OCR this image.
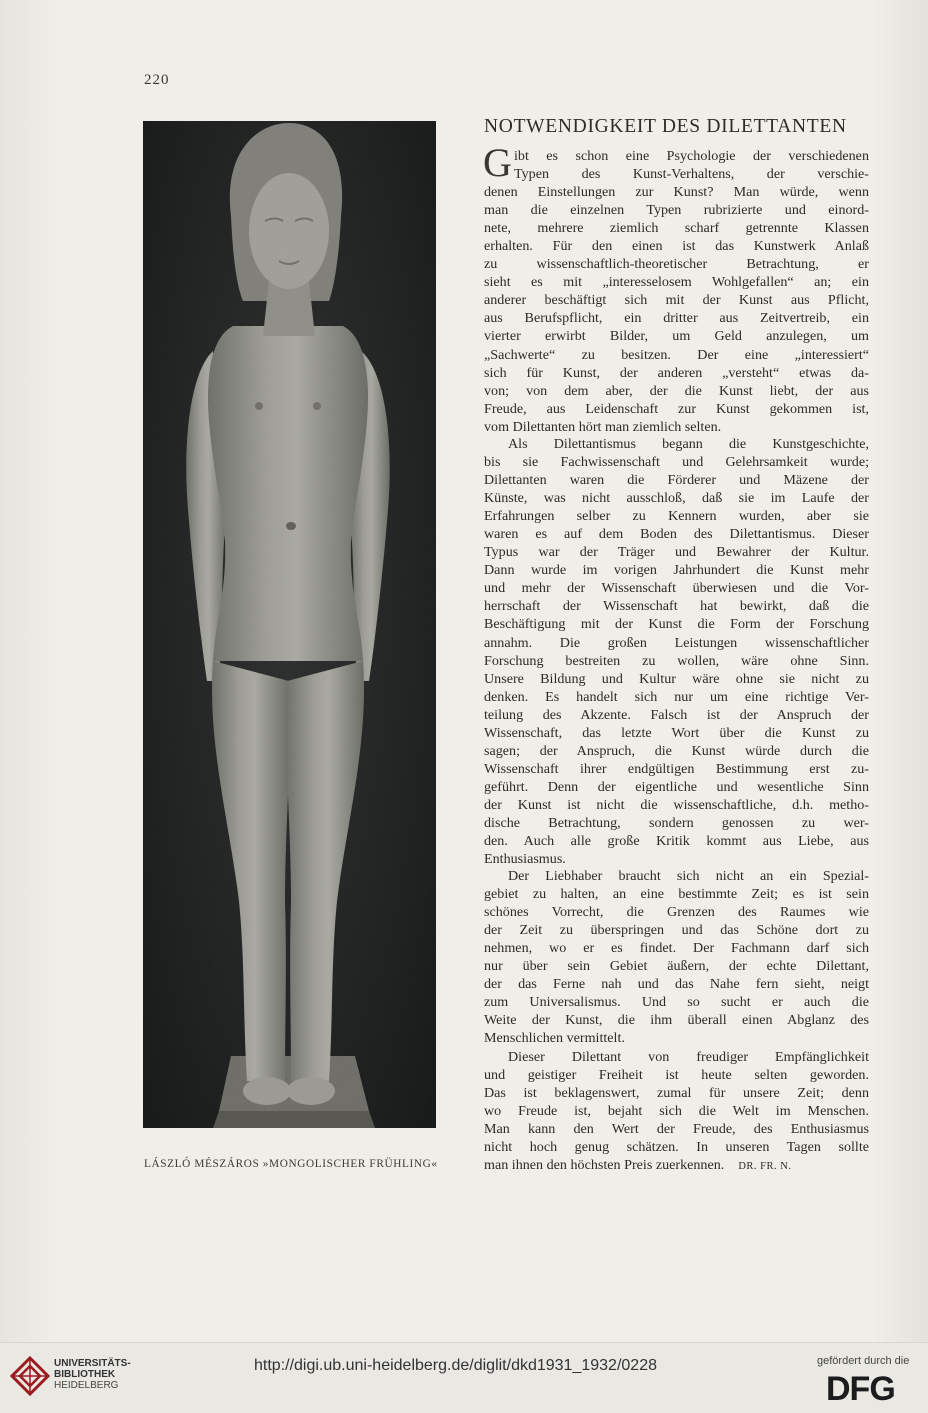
220
LÁSZLÓ MÉSZÁROS »MONGOLISCHER FRÜHLING«
NOTWENDIGKEIT DES DILETTANTEN
G ibt es schon eine Psychologie der verschiedenen
Typen des Kunst-Verhaltens, der verschie-
denen Einstellungen zur Kunst? Man würde, wenn
man die einzelnen Typen rubrizierte und einord-
nete, mehrere ziemlich scharf getrennte Klassen
erhalten. Für den einen ist das Kunstwerk Anlaß
zu wissenschaftlich-theoretischer Betrachtung, er
sieht es mit „interesselosem Wohlgefallen“ an; ein
anderer beschäftigt sich mit der Kunst aus Pflicht,
aus Berufspflicht, ein dritter aus Zeitvertreib, ein
vierter erwirbt Bilder, um Geld anzulegen, um
„Sachwerte“ zu besitzen. Der eine „interessiert“
sich für Kunst, der anderen „versteht“ etwas da-
von; von dem aber, der die Kunst liebt, der aus
Freude, aus Leidenschaft zur Kunst gekommen ist,
vom Dilettanten hört man ziemlich selten.
Als Dilettantismus begann die Kunstgeschichte,
bis sie Fachwissenschaft und Gelehrsamkeit wurde;
Dilettanten waren die Förderer und Mäzene der
Künste, was nicht ausschloß, daß sie im Laufe der
Erfahrungen selber zu Kennern wurden, aber sie
waren es auf dem Boden des Dilettantismus. Dieser
Typus war der Träger und Bewahrer der Kultur.
Dann wurde im vorigen Jahrhundert die Kunst mehr
und mehr der Wissenschaft überwiesen und die Vor-
herrschaft der Wissenschaft hat bewirkt, daß die
Beschäftigung mit der Kunst die Form der Forschung
annahm. Die großen Leistungen wissenschaftlicher
Forschung bestreiten zu wollen, wäre ohne Sinn.
Unsere Bildung und Kultur wäre ohne sie nicht zu
denken. Es handelt sich nur um eine richtige Ver-
teilung des Akzente. Falsch ist der Anspruch der
Wissenschaft, das letzte Wort über die Kunst zu
sagen; der Anspruch, die Kunst würde durch die
Wissenschaft ihrer endgültigen Bestimmung erst zu-
geführt. Denn der eigentliche und wesentliche Sinn
der Kunst ist nicht die wissenschaftliche, d.h. metho-
dische Betrachtung, sondern genossen zu wer-
den. Auch alle große Kritik kommt aus Liebe, aus
Enthusiasmus.
Der Liebhaber braucht sich nicht an ein Spezial-
gebiet zu halten, an eine bestimmte Zeit; es ist sein
schönes Vorrecht, die Grenzen des Raumes wie
der Zeit zu überspringen und das Schöne dort zu
nehmen, wo er es findet. Der Fachmann darf sich
nur über sein Gebiet äußern, der echte Dilettant,
der das Ferne nah und das Nahe fern sieht, neigt
zum Universalismus. Und so sucht er auch die
Weite der Kunst, die ihm überall einen Abglanz des
Menschlichen vermittelt.
Dieser Dilettant von freudiger Empfänglichkeit
und geistiger Freiheit ist heute selten geworden.
Das ist beklagenswert, zumal für unsere Zeit; denn
wo Freude ist, bejaht sich die Welt im Menschen.
Man kann den Wert der Freude, des Enthusiasmus
nicht hoch genug schätzen. In unseren Tagen sollte
man ihnen den höchsten Preis zuerkennen. DR. FR. N.
UNIVERSITÄTS-
BIBLIOTHEK
HEIDELBERG
http://digi.ub.uni-heidelberg.de/diglit/dkd1931_1932/0228	gefördert durch die
DFG
